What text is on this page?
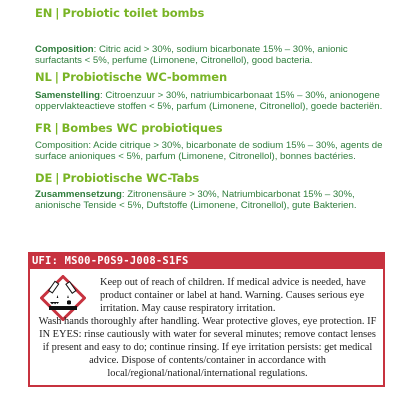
EN | Probiotic toilet bombs

Composition: Citric acid > 30%, sodium bicarbonate 15% – 30%, anionic surfactants < 5%, perfume (Limonene, Citronellol), good bacteria.

NL | Probiotische WC-bommen

Samenstelling: Citroenzuur > 30%, natriumbicarbonaat 15% – 30%, anionogene oppervlakteactieve stoffen < 5%, parfum (Limonene, Citronellol), goede bacteriën.

FR | Bombes WC probiotiques

Composition: Acide citrique > 30%, bicarbonate de sodium 15% – 30%, agents de surface anioniques < 5%, parfum (Limonene, Citronellol), bonnes bactéries.

DE | Probiotische WC-Tabs

Zusammensetzung: Zitronensäure > 30%, Natriumbicarbonat 15% – 30%, anionische Tenside < 5%, Duftstoffe (Limonene, Citronellol), gute Bakterien.

UFI: MS00-P0S9-J008-S1FS

Keep out of reach of children. If medical advice is needed, have product container or label at hand. Warning. Causes serious eye irritation. May cause respiratory irritation.

Wash hands thoroughly after handling. Wear protective gloves, eye protection. IF IN EYES: rinse cautiously with water for several minutes; remove contact lenses if present and easy to do; continue rinsing. If eye irritation persists: get medical advice. Dispose of contents/container in accordance with local/regional/national/international regulations.
